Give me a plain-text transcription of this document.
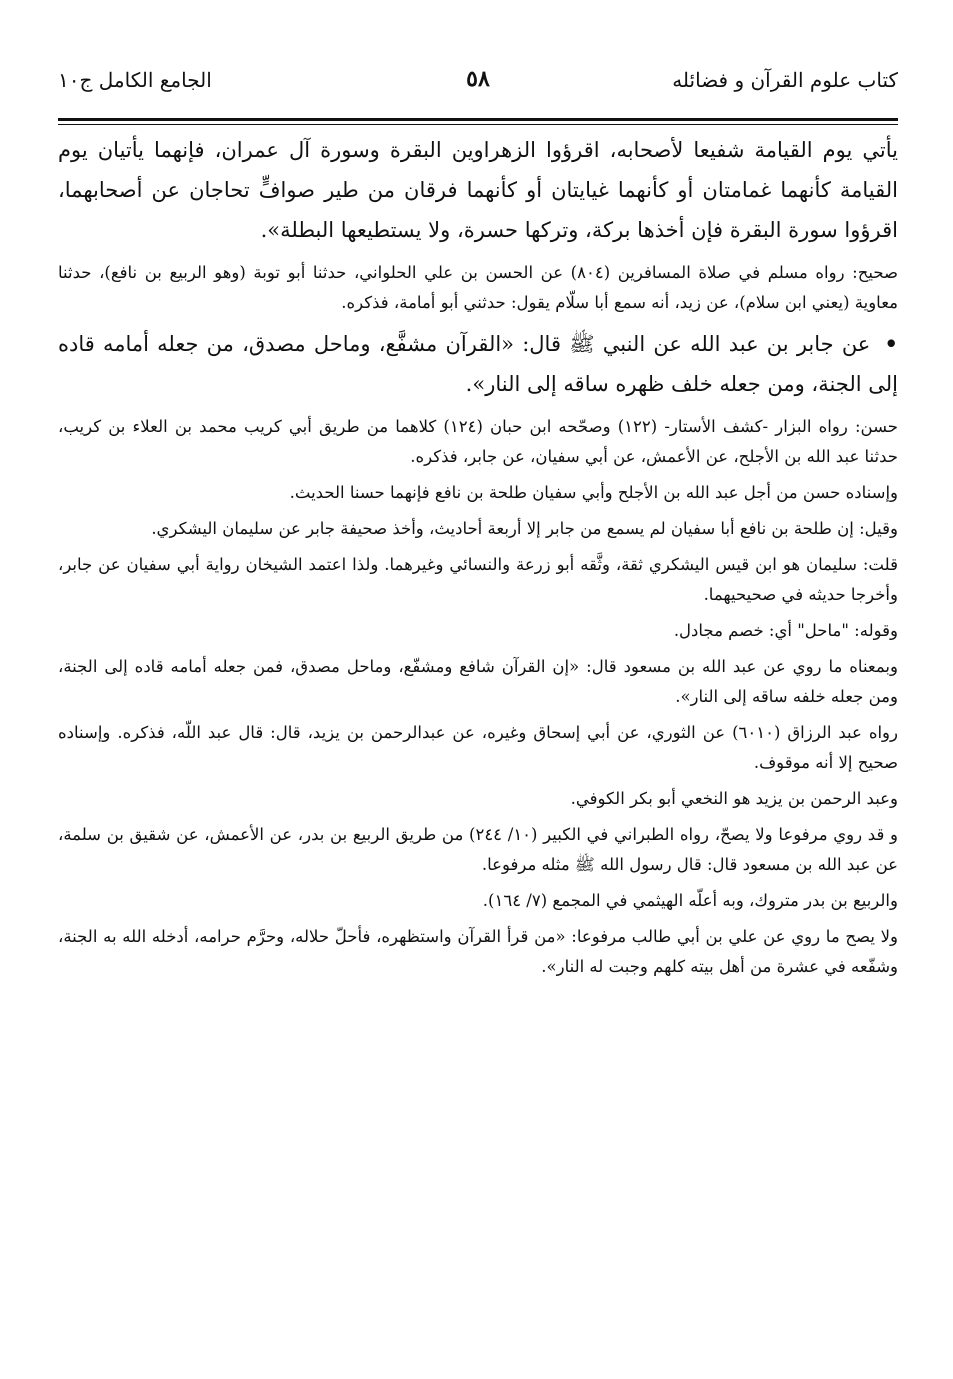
كتاب علوم القرآن و فضائله
٥٨
الجامع الكامل ج١٠

يأتي يوم القيامة شفيعا لأصحابه، اقرؤوا الزهراوين البقرة وسورة آل عمران، فإنهما يأتيان يوم القيامة كأنهما غمامتان أو كأنهما غيايتان أو كأنهما فرقان من طير صوافٍّ تحاجان عن أصحابهما، اقرؤوا سورة البقرة فإن أخذها بركة، وتركها حسرة، ولا يستطيعها البطلة».

صحيح: رواه مسلم في صلاة المسافرين (٨٠٤) عن الحسن بن علي الحلواني، حدثنا أبو توبة (وهو الربيع بن نافع)، حدثنا معاوية (يعني ابن سلام)، عن زيد، أنه سمع أبا سلّام يقول: حدثني أبو أمامة، فذكره.

• عن جابر بن عبد الله عن النبي ﷺ قال: «القرآن مشفَّع، وماحل مصدق، من جعله أمامه قاده إلى الجنة، ومن جعله خلف ظهره ساقه إلى النار».

حسن: رواه البزار -كشف الأستار- (١٢٢) وصحّحه ابن حبان (١٢٤) كلاهما من طريق أبي كريب محمد بن العلاء بن كريب، حدثنا عبد الله بن الأجلح، عن الأعمش، عن أبي سفيان، عن جابر، فذكره.

وإسناده حسن من أجل عبد الله بن الأجلح وأبي سفيان طلحة بن نافع فإنهما حسنا الحديث.

وقيل: إن طلحة بن نافع أبا سفيان لم يسمع من جابر إلا أربعة أحاديث، وأخذ صحيفة جابر عن سليمان اليشكري.

قلت: سليمان هو ابن قيس اليشكري ثقة، وثَّقه أبو زرعة والنسائي وغيرهما. ولذا اعتمد الشيخان رواية أبي سفيان عن جابر، وأخرجا حديثه في صحيحيهما.

وقوله: "ماحل" أي: خصم مجادل.

وبمعناه ما روي عن عبد الله بن مسعود قال: «إن القرآن شافع ومشفّع، وماحل مصدق، فمن جعله أمامه قاده إلى الجنة، ومن جعله خلفه ساقه إلى النار».

رواه عبد الرزاق (٦٠١٠) عن الثوري، عن أبي إسحاق وغيره، عن عبدالرحمن بن يزيد، قال: قال عبد اللّه، فذكره. وإسناده صحيح إلا أنه موقوف.

وعبد الرحمن بن يزيد هو النخعي أبو بكر الكوفي.

و قد روي مرفوعا ولا يصحّ، رواه الطبراني في الكبير (١٠/ ٢٤٤) من طريق الربيع بن بدر، عن الأعمش، عن شقيق بن سلمة، عن عبد الله بن مسعود قال: قال رسول الله ﷺ مثله مرفوعا.

والربيع بن بدر متروك، وبه أعلّه الهيثمي في المجمع (٧/ ١٦٤).

ولا يصح ما روي عن علي بن أبي طالب مرفوعا: «من قرأ القرآن واستظهره، فأحلّ حلاله، وحرَّم حرامه، أدخله الله به الجنة، وشفّعه في عشرة من أهل بيته كلهم وجبت له النار».
